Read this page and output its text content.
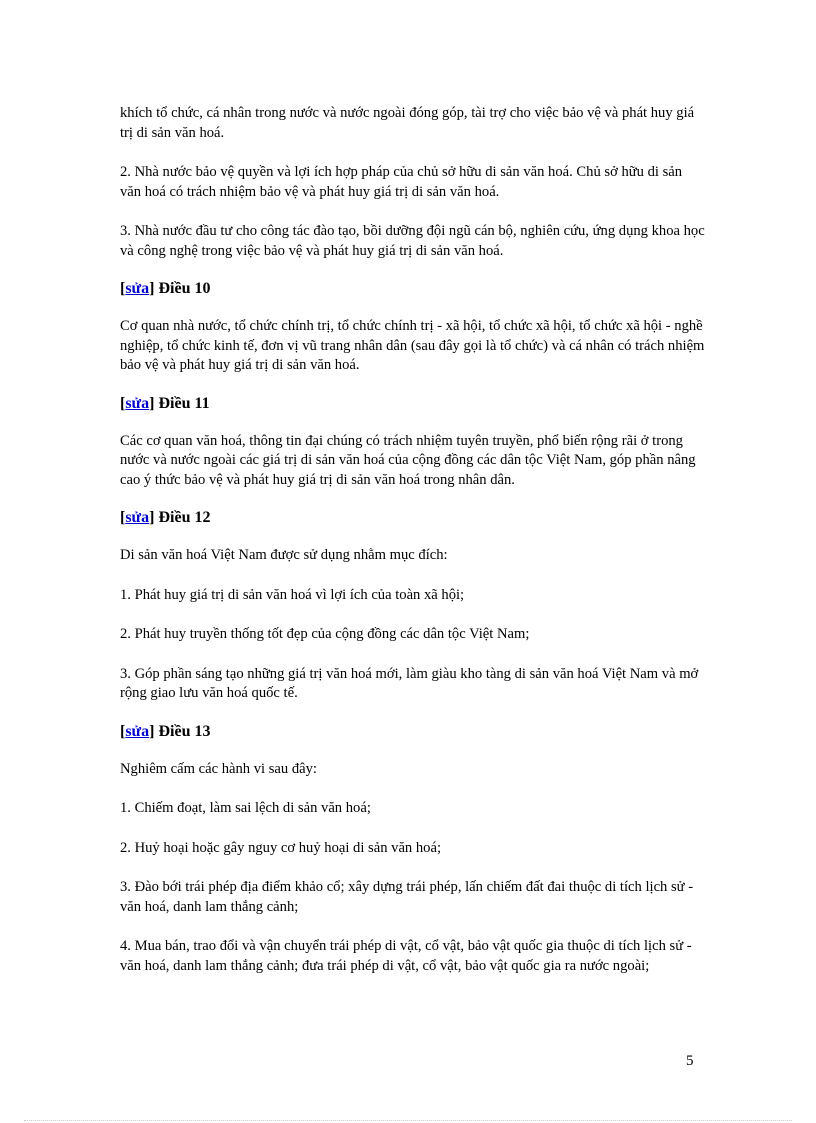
khích tổ chức, cá nhân trong nước và nước ngoài đóng góp, tài trợ cho việc bảo vệ và phát huy giá trị di sản văn hoá.

2. Nhà nước bảo vệ quyền và lợi ích hợp pháp của chủ sở hữu di sản văn hoá. Chủ sở hữu di sản văn hoá có trách nhiệm bảo vệ và phát huy giá trị di sản văn hoá.

3. Nhà nước đầu tư cho công tác đào tạo, bồi dưỡng đội ngũ cán bộ, nghiên cứu, ứng dụng khoa học và công nghệ trong việc bảo vệ và phát huy giá trị di sản văn hoá.

[sửa] Điều 10

Cơ quan nhà nước, tổ chức chính trị, tổ chức chính trị - xã hội, tổ chức xã hội, tổ chức xã hội - nghề nghiệp, tổ chức kinh tế, đơn vị vũ trang nhân dân (sau đây gọi là tổ chức) và cá nhân có trách nhiệm bảo vệ và phát huy giá trị di sản văn hoá.

[sửa] Điều 11

Các cơ quan văn hoá, thông tin đại chúng có trách nhiệm tuyên truyền, phổ biến rộng rãi ở trong nước và nước ngoài các giá trị di sản văn hoá của cộng đồng các dân tộc Việt Nam, góp phần nâng cao ý thức bảo vệ và phát huy giá trị di sản văn hoá trong nhân dân.

[sửa] Điều 12

Di sản văn hoá Việt Nam được sử dụng nhằm mục đích:

1. Phát huy giá trị di sản văn hoá vì lợi ích của toàn xã hội;

2. Phát huy truyền thống tốt đẹp của cộng đồng các dân tộc Việt Nam;

3. Góp phần sáng tạo những giá trị văn hoá mới, làm giàu kho tàng di sản văn hoá Việt Nam và mở rộng giao lưu văn hoá quốc tế.

[sửa] Điều 13

Nghiêm cấm các hành vi sau đây:

1. Chiếm đoạt, làm sai lệch di sản văn hoá;

2. Huỷ hoại hoặc gây nguy cơ huỷ hoại di sản văn hoá;

3. Đào bới trái phép địa điểm khảo cổ; xây dựng trái phép, lấn chiếm đất đai thuộc di tích lịch sử - văn hoá, danh lam thắng cảnh;

4. Mua bán, trao đổi và vận chuyển trái phép di vật, cổ vật, bảo vật quốc gia thuộc di tích lịch sử - văn hoá, danh lam thắng cảnh; đưa trái phép di vật, cổ vật, bảo vật quốc gia ra nước ngoài;

5
